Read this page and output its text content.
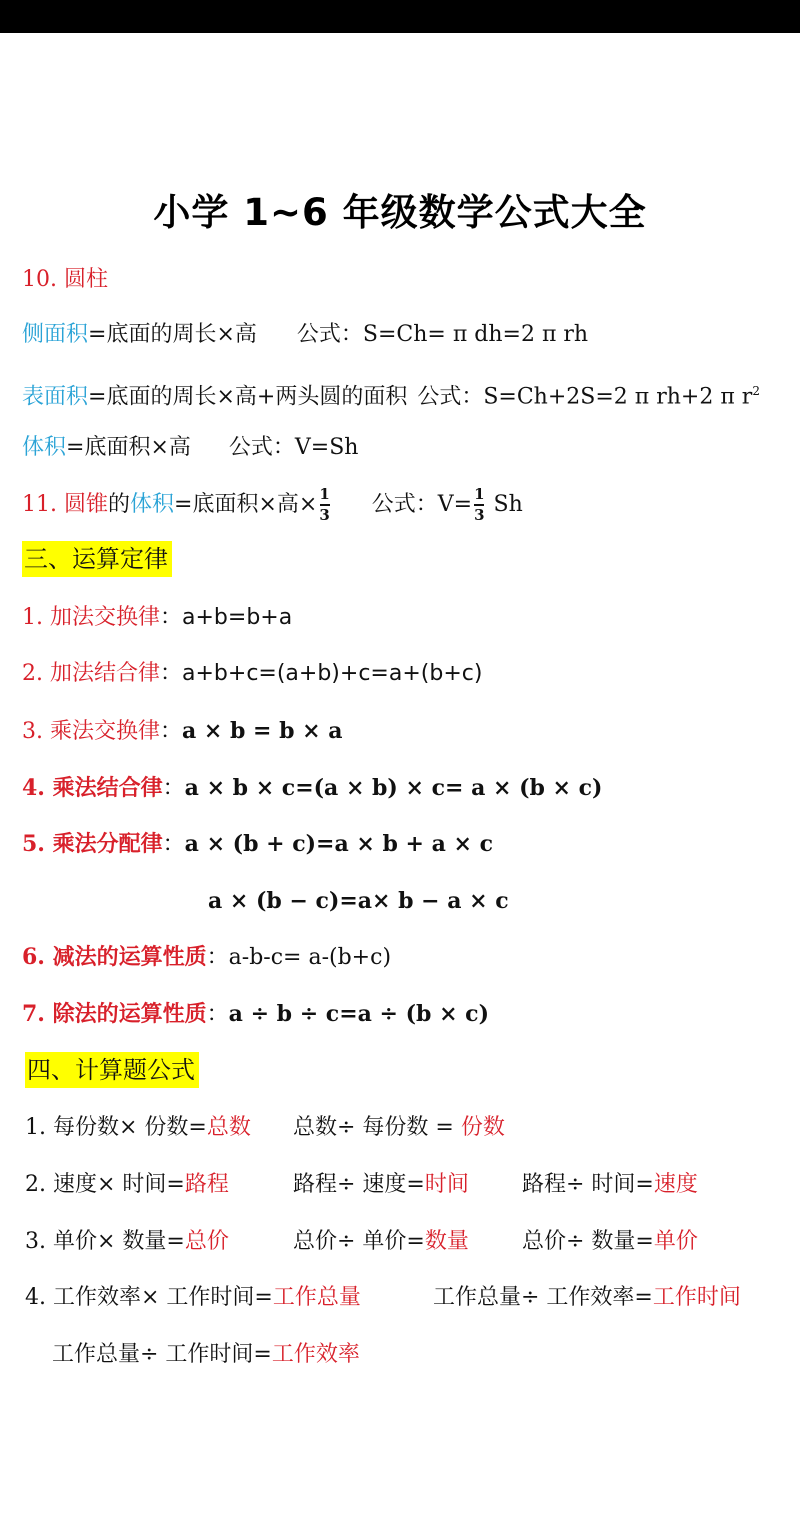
小学 1~6 年级数学公式大全
10. 圆柱
侧面积=底面的周长×高 公式：S=Ch= π dh=2 π rh
表面积=底面的周长×高+两头圆的面积 公式：S=Ch+2S=2 π rh+2 π $r^2$
体积=底面积×高 公式：V=Sh
11. 圆锥的体积=底面积×高× $\frac{1}{3}$ 公式：$V= \frac{1}{3}$ Sh
三、运算定律
1. 加法交换律：a+b=b+a
2. 加法结合律：a+b+c=(a+b)+c=a+(b+c)
3. 乘法交换律：a × b = b × a
4. 乘法结合律：a × b × c=(a × b) × c= a × (b × c)
5. 乘法分配律：a × (b + c)=a × b + a × c
a × (b − c)=a× b − a × c
6. 减法的运算性质：a-b-c= a-(b+c)
7. 除法的运算性质：a ÷ b ÷ c=a ÷ (b × c)
四、计算题公式
1. 每份数× 份数=总数 总数÷ 每份数 = 份数
2. 速度× 时间=路程	路程÷ 速度=时间 路程÷ 时间=速度
3. 单价× 数量=总价	总价÷ 单价=数量 总价÷ 数量=单价
4. 工作效率× 工作时间=工作总量	工作总量÷ 工作效率=工作时间
工作总量÷ 工作时间=工作效率
